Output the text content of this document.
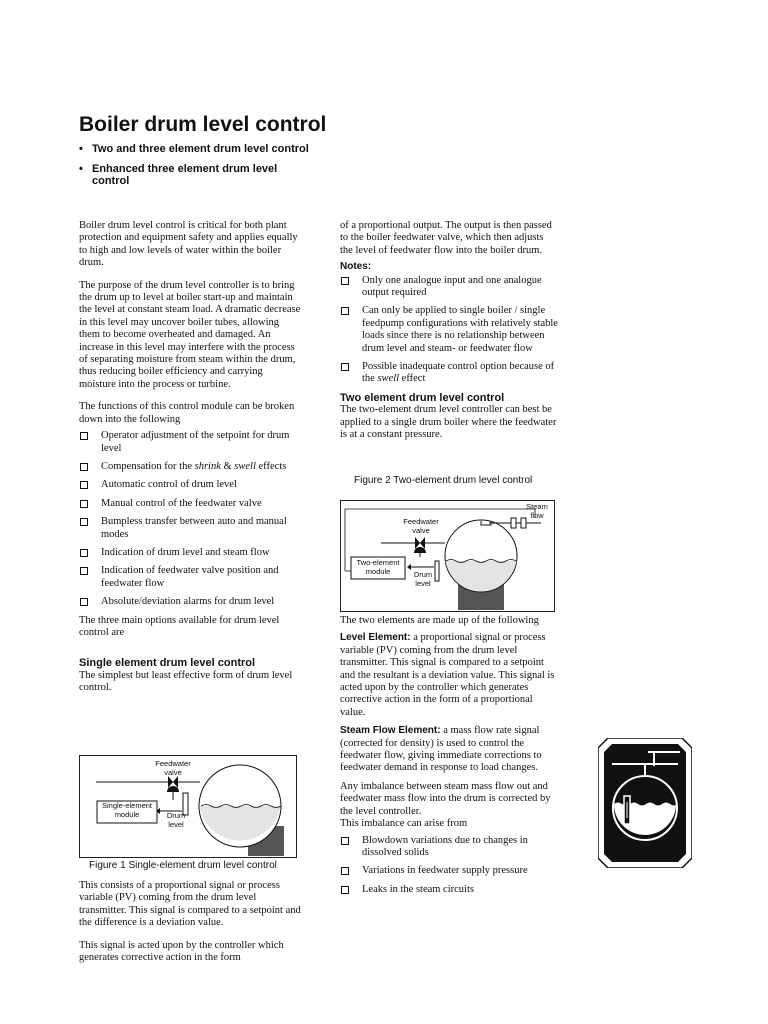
Boiler drum level control
• Two and three element drum level control
• Enhanced three element drum level control

Boiler drum level control is critical for both plant protection and equipment safety and applies equally to high and low levels of water within the boiler drum.

The purpose of the drum level controller is to bring the drum up to level at boiler start-up and maintain the level at constant steam load. A dramatic decrease in this level may uncover boiler tubes, allowing them to become overheated and damaged. An increase in this level may interfere with the process of separating moisture from steam within the drum, thus reducing boiler efficiency and carrying moisture into the process or turbine.

The functions of this control module can be broken down into the following

Operator adjustment of the setpoint for drum level
Compensation for the shrink & swell effects
Automatic control of drum level
Manual control of the feedwater valve
Bumpless transfer between auto and manual modes
Indication of drum level and steam flow
Indication of feedwater valve position and feedwater flow
Absolute/deviation alarms for drum level

The three main options available for drum level control are

Single element drum level control

The simplest but least effective form of drum level control.

Feedwater valve
Single-element module	Drum level
Figure 1 Single-element drum level control

This consists of a proportional signal or process variable (PV) coming from the drum level transmitter. This signal is compared to a setpoint and the difference is a deviation value.

This signal is acted upon by the controller which generates corrective action in the form

of a proportional output. The output is then passed to the boiler feedwater valve, which then adjusts the level of feedwater flow into the boiler drum.

Notes:
Only one analogue input and one analogue output required
Can only be applied to single boiler / single feedpump configurations with relatively stable loads since there is no relationship between drum level and steam- or feedwater flow
Possible inadequate control option because of the swell effect
Two element drum level control

The two-element drum level controller can best be applied to a single drum boiler where the feedwater is at a constant pressure.

Figure 2 Two-element drum level control
Steam flow
Feedwater valve
Two-element module	Drum level

The two elements are made up of the following

Level Element: a proportional signal or process variable (PV) coming from the drum level transmitter. This signal is compared to a setpoint and the resultant is a deviation value. This signal is acted upon by the controller which generates corrective action in the form of a proportional value.

Steam Flow Element: a mass flow rate signal (corrected for density) is used to control the feedwater flow, giving immediate corrections to feedwater demand in response to load changes.

Any imbalance between steam mass flow out and feedwater mass flow into the drum is corrected by the level controller.

This imbalance can arise from

Blowdown variations due to changes in dissolved solids
Variations in feedwater supply pressure
Leaks in the steam circuits
